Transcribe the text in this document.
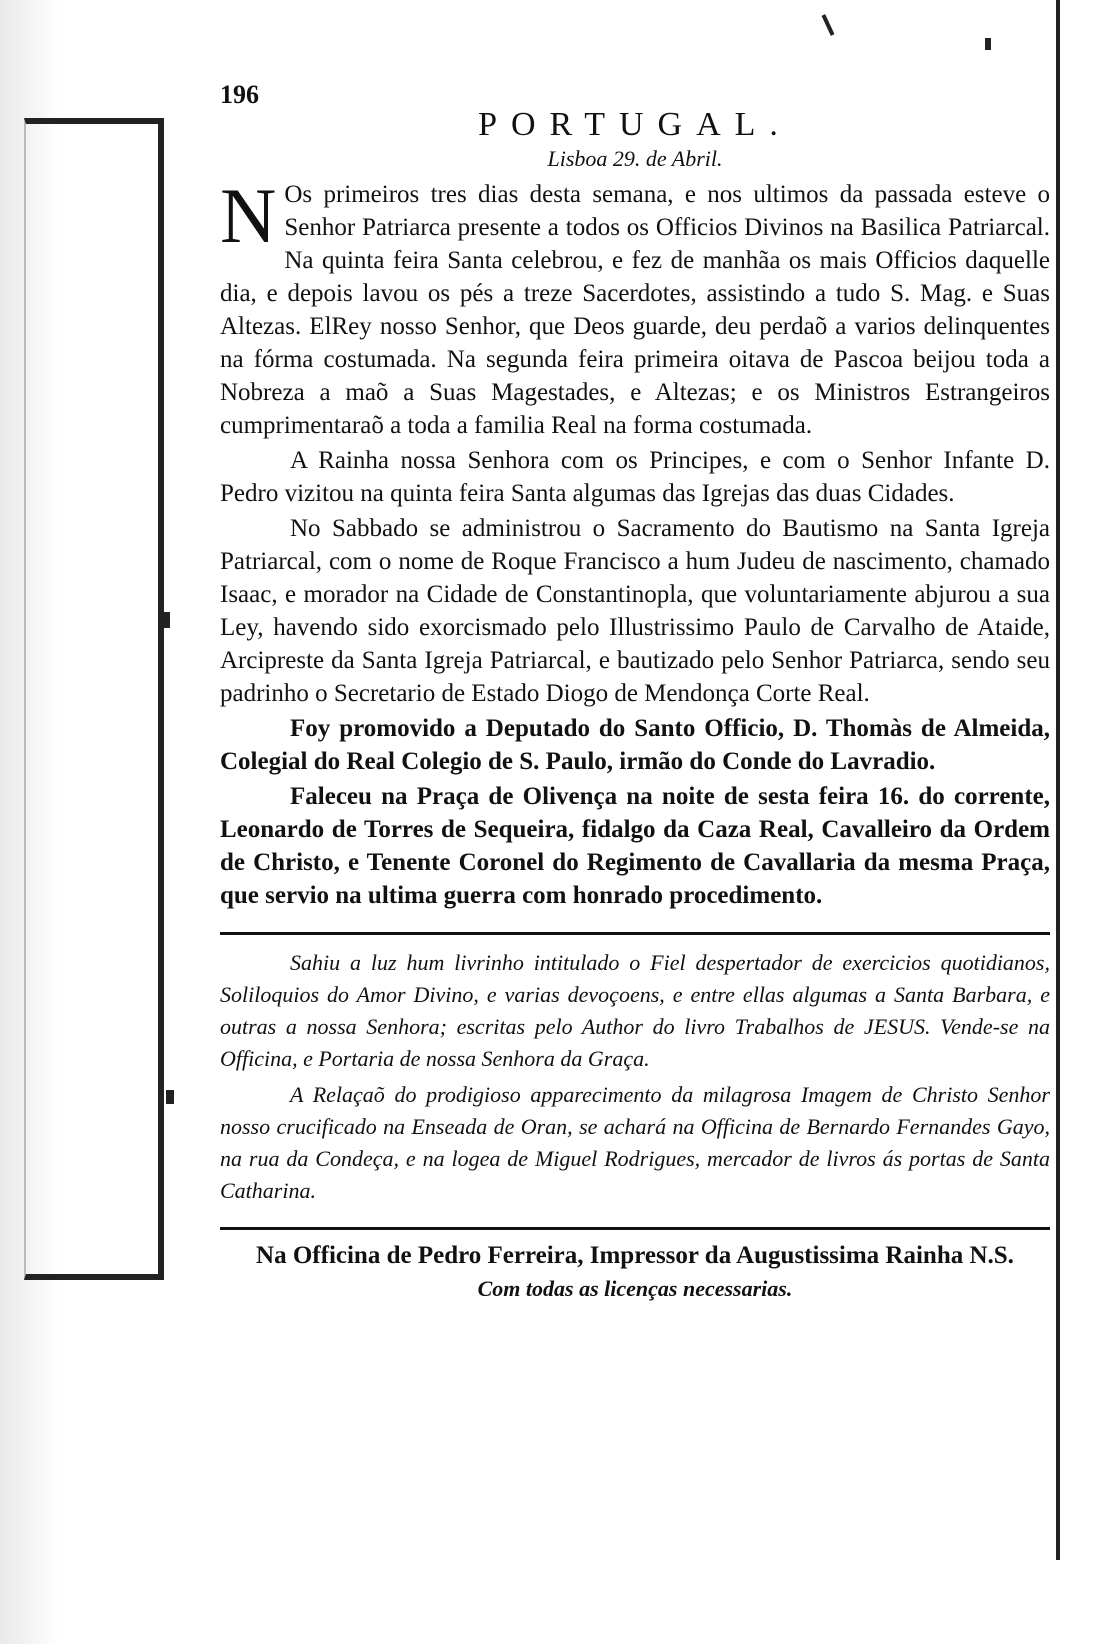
196
PORTUGAL.
Lisboa 29. de Abril.

N Os primeiros tres dias desta semana, e nos ultimos da passada esteve o Senhor Patriarca presente a todos os Officios Divinos na Basilica Patriarcal. Na quinta feira Santa celebrou, e fez de manhãa os mais Officios daquelle dia, e depois lavou os pés a treze Sacerdotes, assistindo a tudo S. Mag. e Suas Altezas. ElRey nosso Senhor, que Deos guarde, deu perdaõ a varios delinquentes na fórma costumada. Na segunda feira primeira oitava de Pascoa beijou toda a Nobreza a maõ a Suas Magestades, e Altezas; e os Ministros Estrangeiros cumprimentaraõ a toda a familia Real na forma costumada.

A Rainha nossa Senhora com os Principes, e com o Senhor Infante D. Pedro vizitou na quinta feira Santa algumas das Igrejas das duas Cidades.

No Sabbado se administrou o Sacramento do Bautismo na Santa Igreja Patriarcal, com o nome de Roque Francisco a hum Judeu de nascimento, chamado Isaac, e morador na Cidade de Constantinopla, que voluntariamente abjurou a sua Ley, havendo sido exorcismado pelo Illustrissimo Paulo de Carvalho de Ataide, Arcipreste da Santa Igreja Patriarcal, e bautizado pelo Senhor Patriarca, sendo seu padrinho o Secretario de Estado Diogo de Mendonça Corte Real.

Foy promovido a Deputado do Santo Officio, D. Thomàs de Almeida, Colegial do Real Colegio de S. Paulo, irmão do Conde do Lavradio.

Faleceu na Praça de Olivença na noite de sesta feira 16. do corrente, Leonardo de Torres de Sequeira, fidalgo da Caza Real, Cavalleiro da Ordem de Christo, e Tenente Coronel do Regimento de Cavallaria da mesma Praça, que servio na ultima guerra com honrado procedimento.

Sahiu a luz hum livrinho intitulado o Fiel despertador de exercicios quotidianos, Soliloquios do Amor Divino, e varias devoçoens, e entre ellas algumas a Santa Barbara, e outras a nossa Senhora; escritas pelo Author do livro Trabalhos de JESUS. Vende-se na Officina, e Portaria de nossa Senhora da Graça.

A Relaçaõ do prodigioso apparecimento da milagrosa Imagem de Christo Senhor nosso crucificado na Enseada de Oran, se achará na Officina de Bernardo Fernandes Gayo, na rua da Condeça, e na logea de Miguel Rodrigues, mercador de livros ás portas de Santa Catharina.

Na Officina de Pedro Ferreira, Impressor da Augustissima Rainha N.S.
Com todas as licenças necessarias.
